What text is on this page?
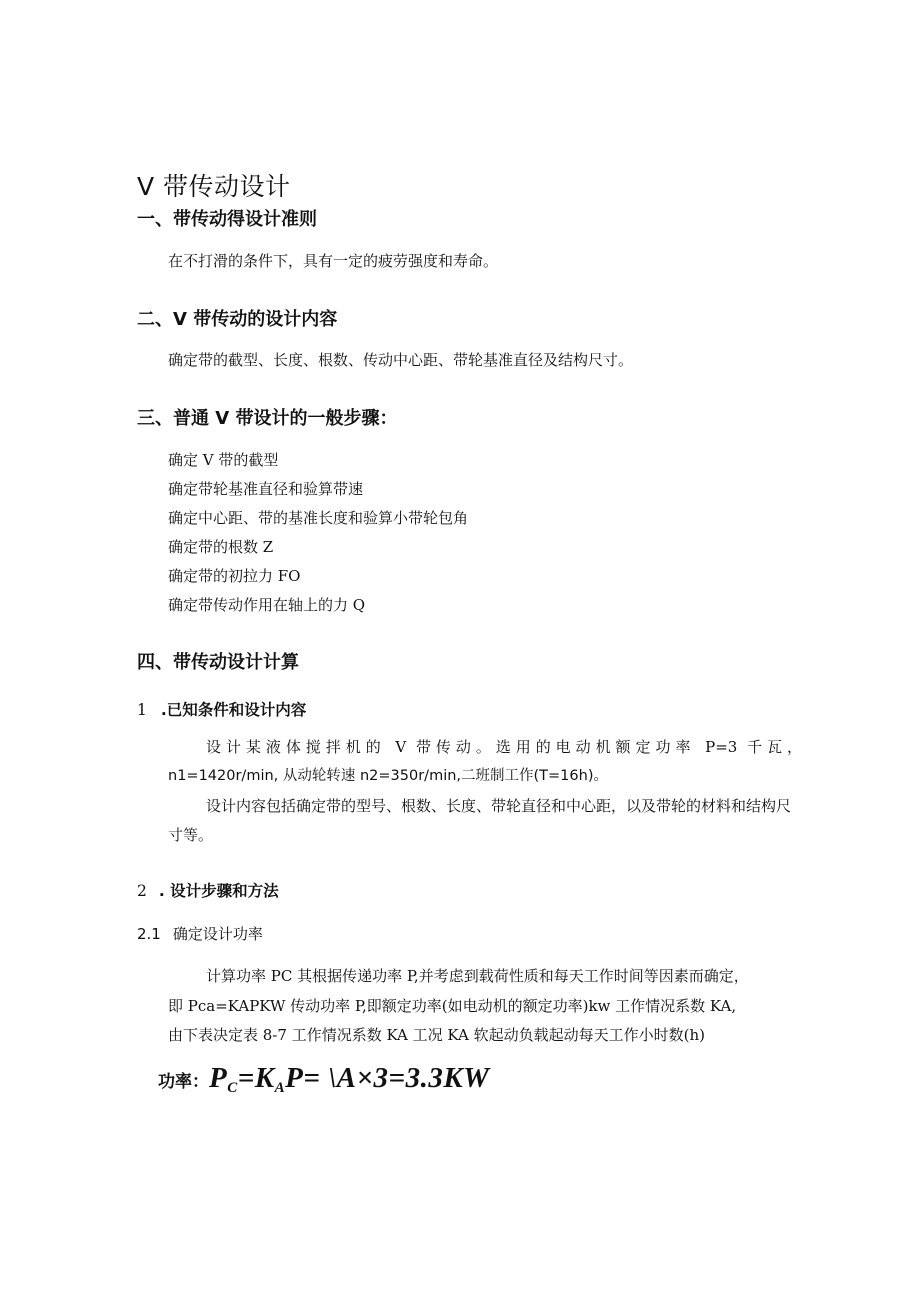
V 带传动设计
一、带传动得设计准则
在不打滑的条件下，具有一定的疲劳强度和寿命。
二、V 带传动的设计内容
确定带的截型、长度、根数、传动中心距、带轮基准直径及结构尺寸。
三、普通 V 带设计的一般步骤：
确定 V 带的截型
确定带轮基准直径和验算带速
确定中心距、带的基准长度和验算小带轮包角
确定带的根数 Z
确定带的初拉力 FO
确定带传动作用在轴上的力 Q
四、带传动设计计算
1 .已知条件和设计内容
设计某液体搅拌机的 V 带传动。选用的电动机额定功率 P=3 千瓦，
n1=1420r/min, 从动轮转速 n2=350r/min,二班制工作(T=16h)。
设计内容包括确定带的型号、根数、长度、带轮直径和中心距，以及带轮的材料和结构尺寸等。
2 . 设计步骤和方法
2.1 确定设计功率
计算功率 PC 其根据传递功率 P,并考虑到载荷性质和每天工作时间等因素而确定，
即 Pca=KAPKW 传动功率 P,即额定功率(如电动机的额定功率)kw 工作情况系数 KA,
由下表决定表 8-7 工作情况系数 KA 工况 KA 软起动负载起动每天工作小时数(h)
功率：$P_C=K_AP=$ \A×3=3.3KW
